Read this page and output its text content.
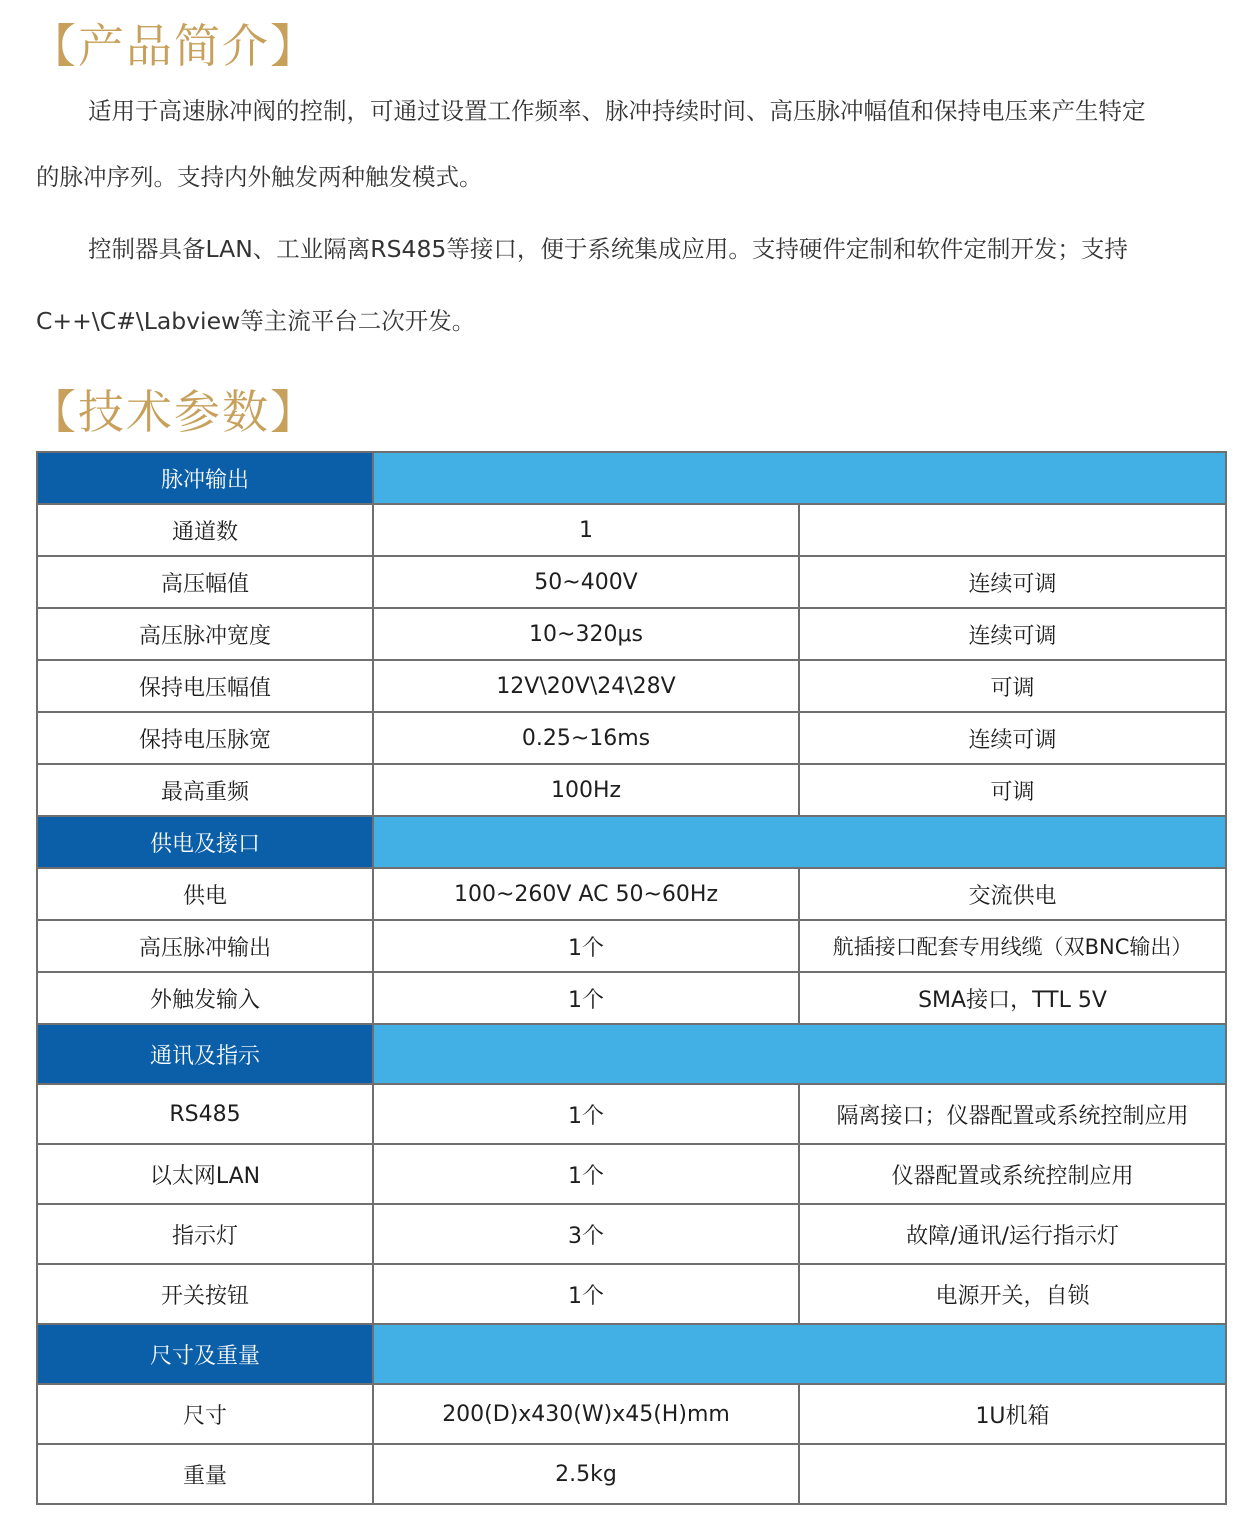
【产品简介】
适用于高速脉冲阀的控制，可通过设置工作频率、脉冲持续时间、高压脉冲幅值和保持电压来产生特定
的脉冲序列。支持内外触发两种触发模式。
控制器具备LAN、工业隔离RS485等接口，便于系统集成应用。支持硬件定制和软件定制开发；支持
C++\C#\Labview等主流平台二次开发。
【技术参数】
脉冲输出		
通道数	1	
高压幅值	50~400V	连续可调
高压脉冲宽度	10~320μs	连续可调
保持电压幅值	12V\20V\24\28V	可调
保持电压脉宽	0.25~16ms	连续可调
最高重频	100Hz	可调
供电及接口		
供电	100~260V AC 50~60Hz	交流供电
高压脉冲输出	1个	航插接口配套专用线缆（双BNC输出）
外触发输入	1个	SMA接口，TTL 5V
通讯及指示		
RS485	1个	隔离接口；仪器配置或系统控制应用
以太网LAN	1个	仪器配置或系统控制应用
指示灯	3个	故障/通讯/运行指示灯
开关按钮	1个	电源开关，自锁
尺寸及重量		
尺寸	200(D)x430(W)x45(H)mm	1U机箱
重量	2.5kg	
